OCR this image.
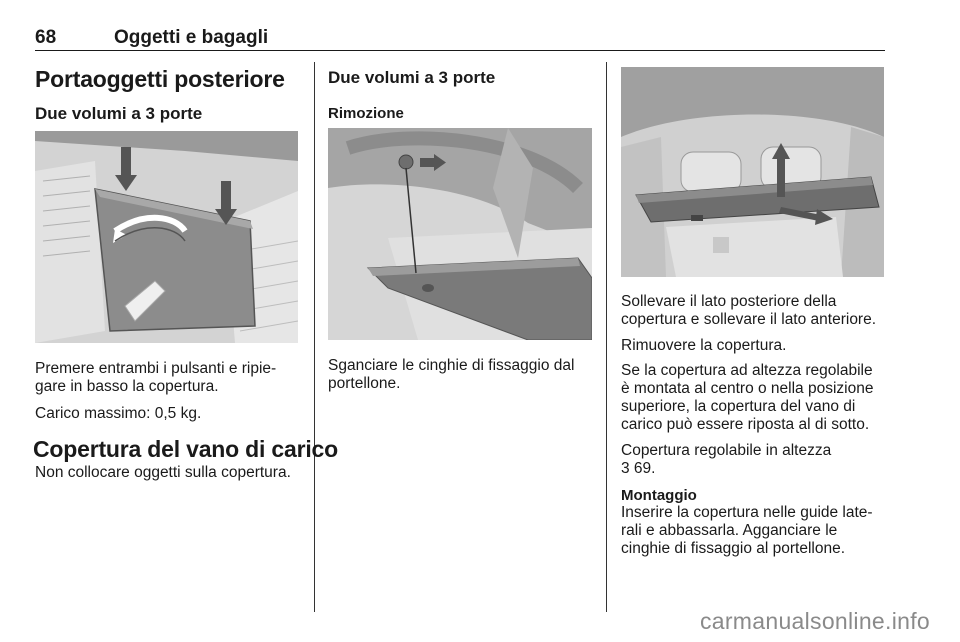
68	Oggetti e bagagli
Portaoggetti posteriore
Due volumi a 3 porte
Premere entrambi i pulsanti e ripie-
gare in basso la copertura.
Carico massimo: 0,5 kg.
Copertura del vano di carico
Non collocare oggetti sulla copertura.
Due volumi a 3 porte
Rimozione
Sganciare le cinghie di fissaggio dal
portellone.
Sollevare il lato posteriore della
copertura e sollevare il lato anteriore.
Rimuovere la copertura.
Se la copertura ad altezza regolabile
è montata al centro o nella posizione
superiore, la copertura del vano di
carico può essere riposta al di sotto.
Copertura regolabile in altezza
3 69.
Montaggio
Inserire la copertura nelle guide late-
rali e abbassarla. Agganciare le
cinghie di fissaggio al portellone.
carmanualsonline.info
